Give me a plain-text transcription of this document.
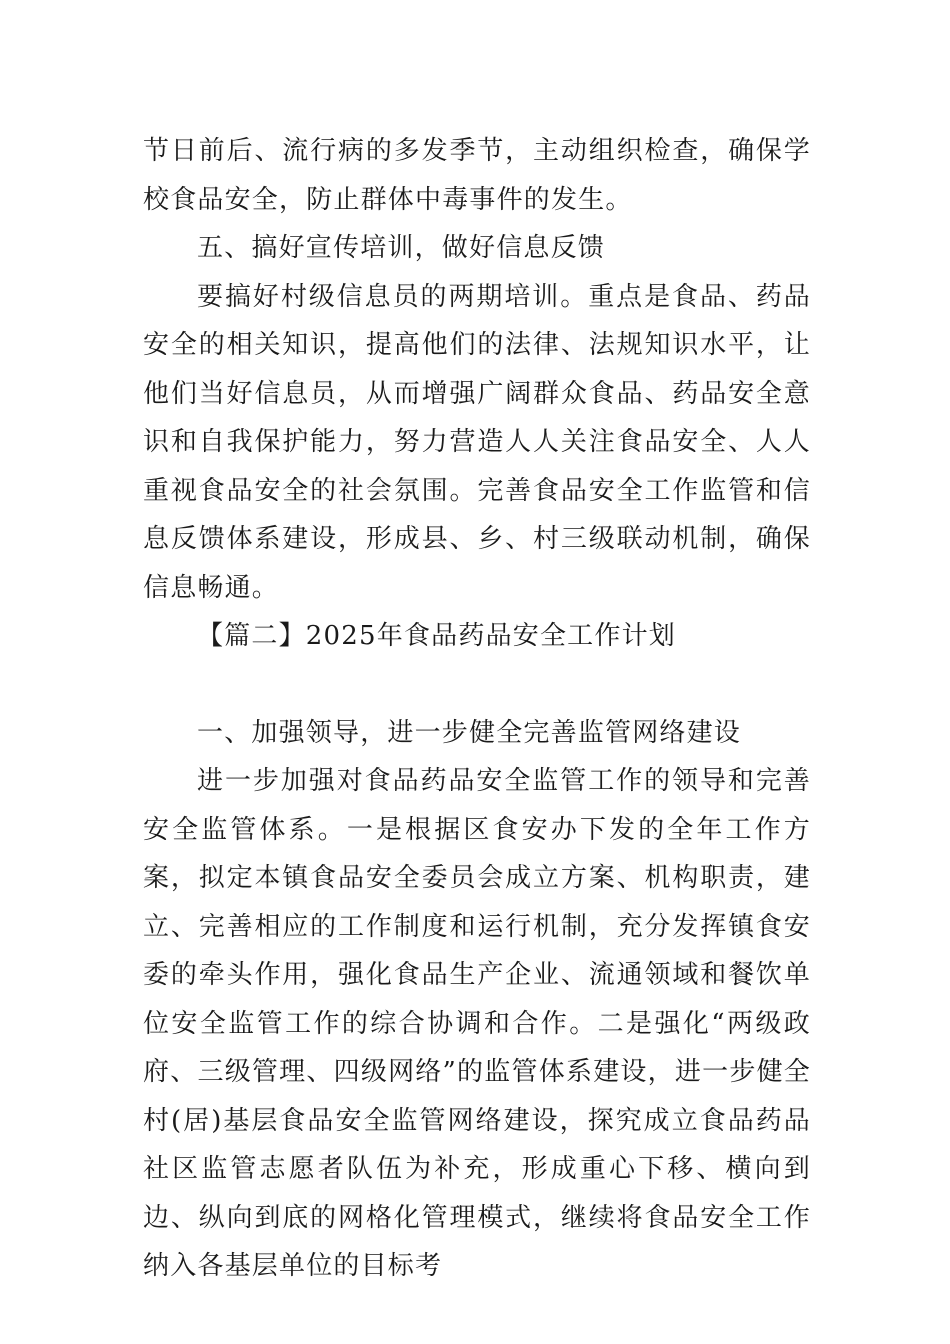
节日前后、流行病的多发季节，主动组织检查，确保学校食品安全，防止群体中毒事件的发生。

五、搞好宣传培训，做好信息反馈

要搞好村级信息员的两期培训。重点是食品、药品安全的相关知识，提高他们的法律、法规知识水平，让他们当好信息员，从而增强广阔群众食品、药品安全意识和自我保护能力，努力营造人人关注食品安全、人人重视食品安全的社会氛围。完善食品安全工作监管和信息反馈体系建设，形成县、乡、村三级联动机制，确保信息畅通。

【篇二】2025年食品药品安全工作计划

一、加强领导，进一步健全完善监管网络建设

进一步加强对食品药品安全监管工作的领导和完善安全监管体系。一是根据区食安办下发的全年工作方案，拟定本镇食品安全委员会成立方案、机构职责，建立、完善相应的工作制度和运行机制，充分发挥镇食安委的牵头作用，强化食品生产企业、流通领域和餐饮单位安全监管工作的综合协调和合作。二是强化“两级政府、三级管理、四级网络”的监管体系建设，进一步健全村(居)基层食品安全监管网络建设，探究成立食品药品社区监管志愿者队伍为补充，形成重心下移、横向到边、纵向到底的网格化管理模式，继续将食品安全工作纳入各基层单位的目标考
